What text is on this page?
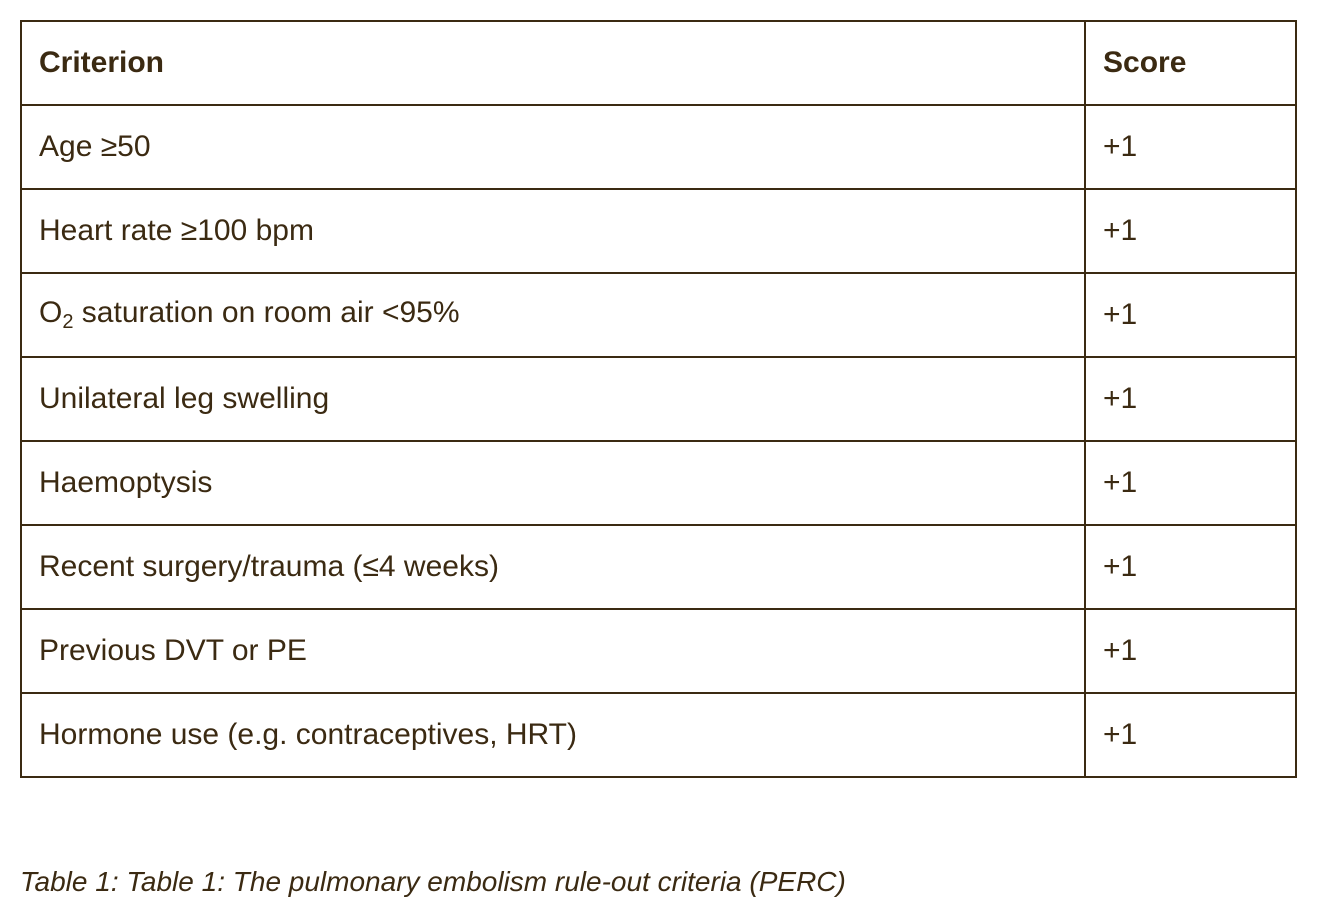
Criterion	Score
Age ≥50	+1
Heart rate ≥100 bpm	+1
$O_2$ saturation on room air <95%	+1
Unilateral leg swelling	+1
Haemoptysis	+1
Recent surgery/trauma (≤4 weeks)	+1
Previous DVT or PE	+1
Hormone use (e.g. contraceptives, HRT)	+1
Table 1: Table 1: The pulmonary embolism rule-out criteria (PERC)
